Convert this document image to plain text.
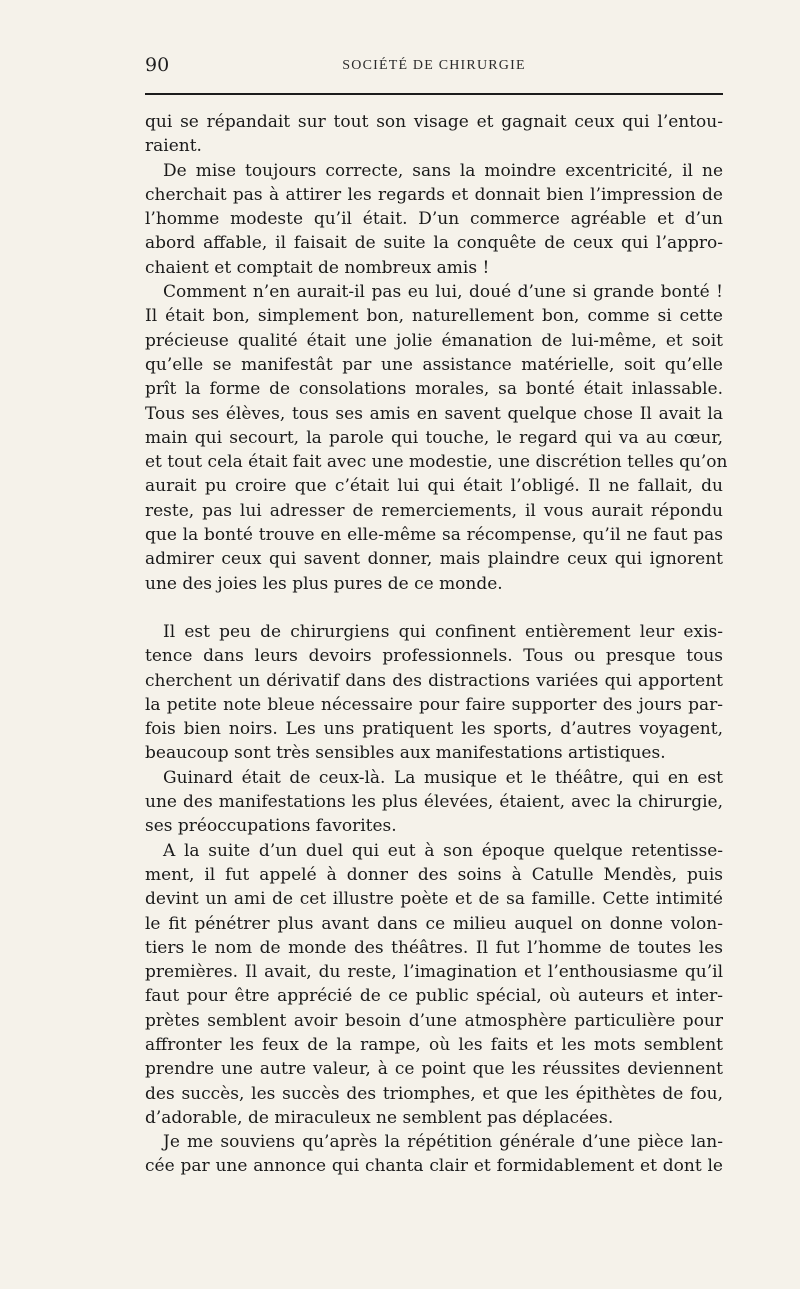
90	SOCIÉTÉ DE CHIRURGIE
qui se répandait sur tout son visage et gagnait ceux qui l’entou-
raient.
De mise toujours correcte, sans la moindre excentricité, il ne
cherchait pas à attirer les regards et donnait bien l’impression de
l’homme modeste qu’il était. D’un commerce agréable et d’un
abord affable, il faisait de suite la conquête de ceux qui l’appro-
chaient et comptait de nombreux amis !
Comment n’en aurait-il pas eu lui, doué d’une si grande bonté !
Il était bon, simplement bon, naturellement bon, comme si cette
précieuse qualité était une jolie émanation de lui-même, et soit
qu’elle se manifestât par une assistance matérielle, soit qu’elle
prît la forme de consolations morales, sa bonté était inlassable.
Tous ses élèves, tous ses amis en savent quelque chose Il avait la
main qui secourt, la parole qui touche, le regard qui va au cœur,
et tout cela était fait avec une modestie, une discrétion telles qu’on
aurait pu croire que c’était lui qui était l’obligé. Il ne fallait, du
reste, pas lui adresser de remerciements, il vous aurait répondu
que la bonté trouve en elle-même sa récompense, qu’il ne faut pas
admirer ceux qui savent donner, mais plaindre ceux qui ignorent
une des joies les plus pures de ce monde.
Il est peu de chirurgiens qui confinent entièrement leur exis-
tence dans leurs devoirs professionnels. Tous ou presque tous
cherchent un dérivatif dans des distractions variées qui apportent
la petite note bleue nécessaire pour faire supporter des jours par-
fois bien noirs. Les uns pratiquent les sports, d’autres voyagent,
beaucoup sont très sensibles aux manifestations artistiques.
Guinard était de ceux-là. La musique et le théâtre, qui en est
une des manifestations les plus élevées, étaient, avec la chirurgie,
ses préoccupations favorites.
A la suite d’un duel qui eut à son époque quelque retentisse-
ment, il fut appelé à donner des soins à Catulle Mendès, puis
devint un ami de cet illustre poète et de sa famille. Cette intimité
le fit pénétrer plus avant dans ce milieu auquel on donne volon-
tiers le nom de monde des théâtres. Il fut l’homme de toutes les
premières. Il avait, du reste, l’imagination et l’enthousiasme qu’il
faut pour être apprécié de ce public spécial, où auteurs et inter-
prètes semblent avoir besoin d’une atmosphère particulière pour
affronter les feux de la rampe, où les faits et les mots semblent
prendre une autre valeur, à ce point que les réussites deviennent
des succès, les succès des triomphes, et que les épithètes de fou,
d’adorable, de miraculeux ne semblent pas déplacées.
Je me souviens qu’après la répétition générale d’une pièce lan-
cée par une annonce qui chanta clair et formidablement et dont le
